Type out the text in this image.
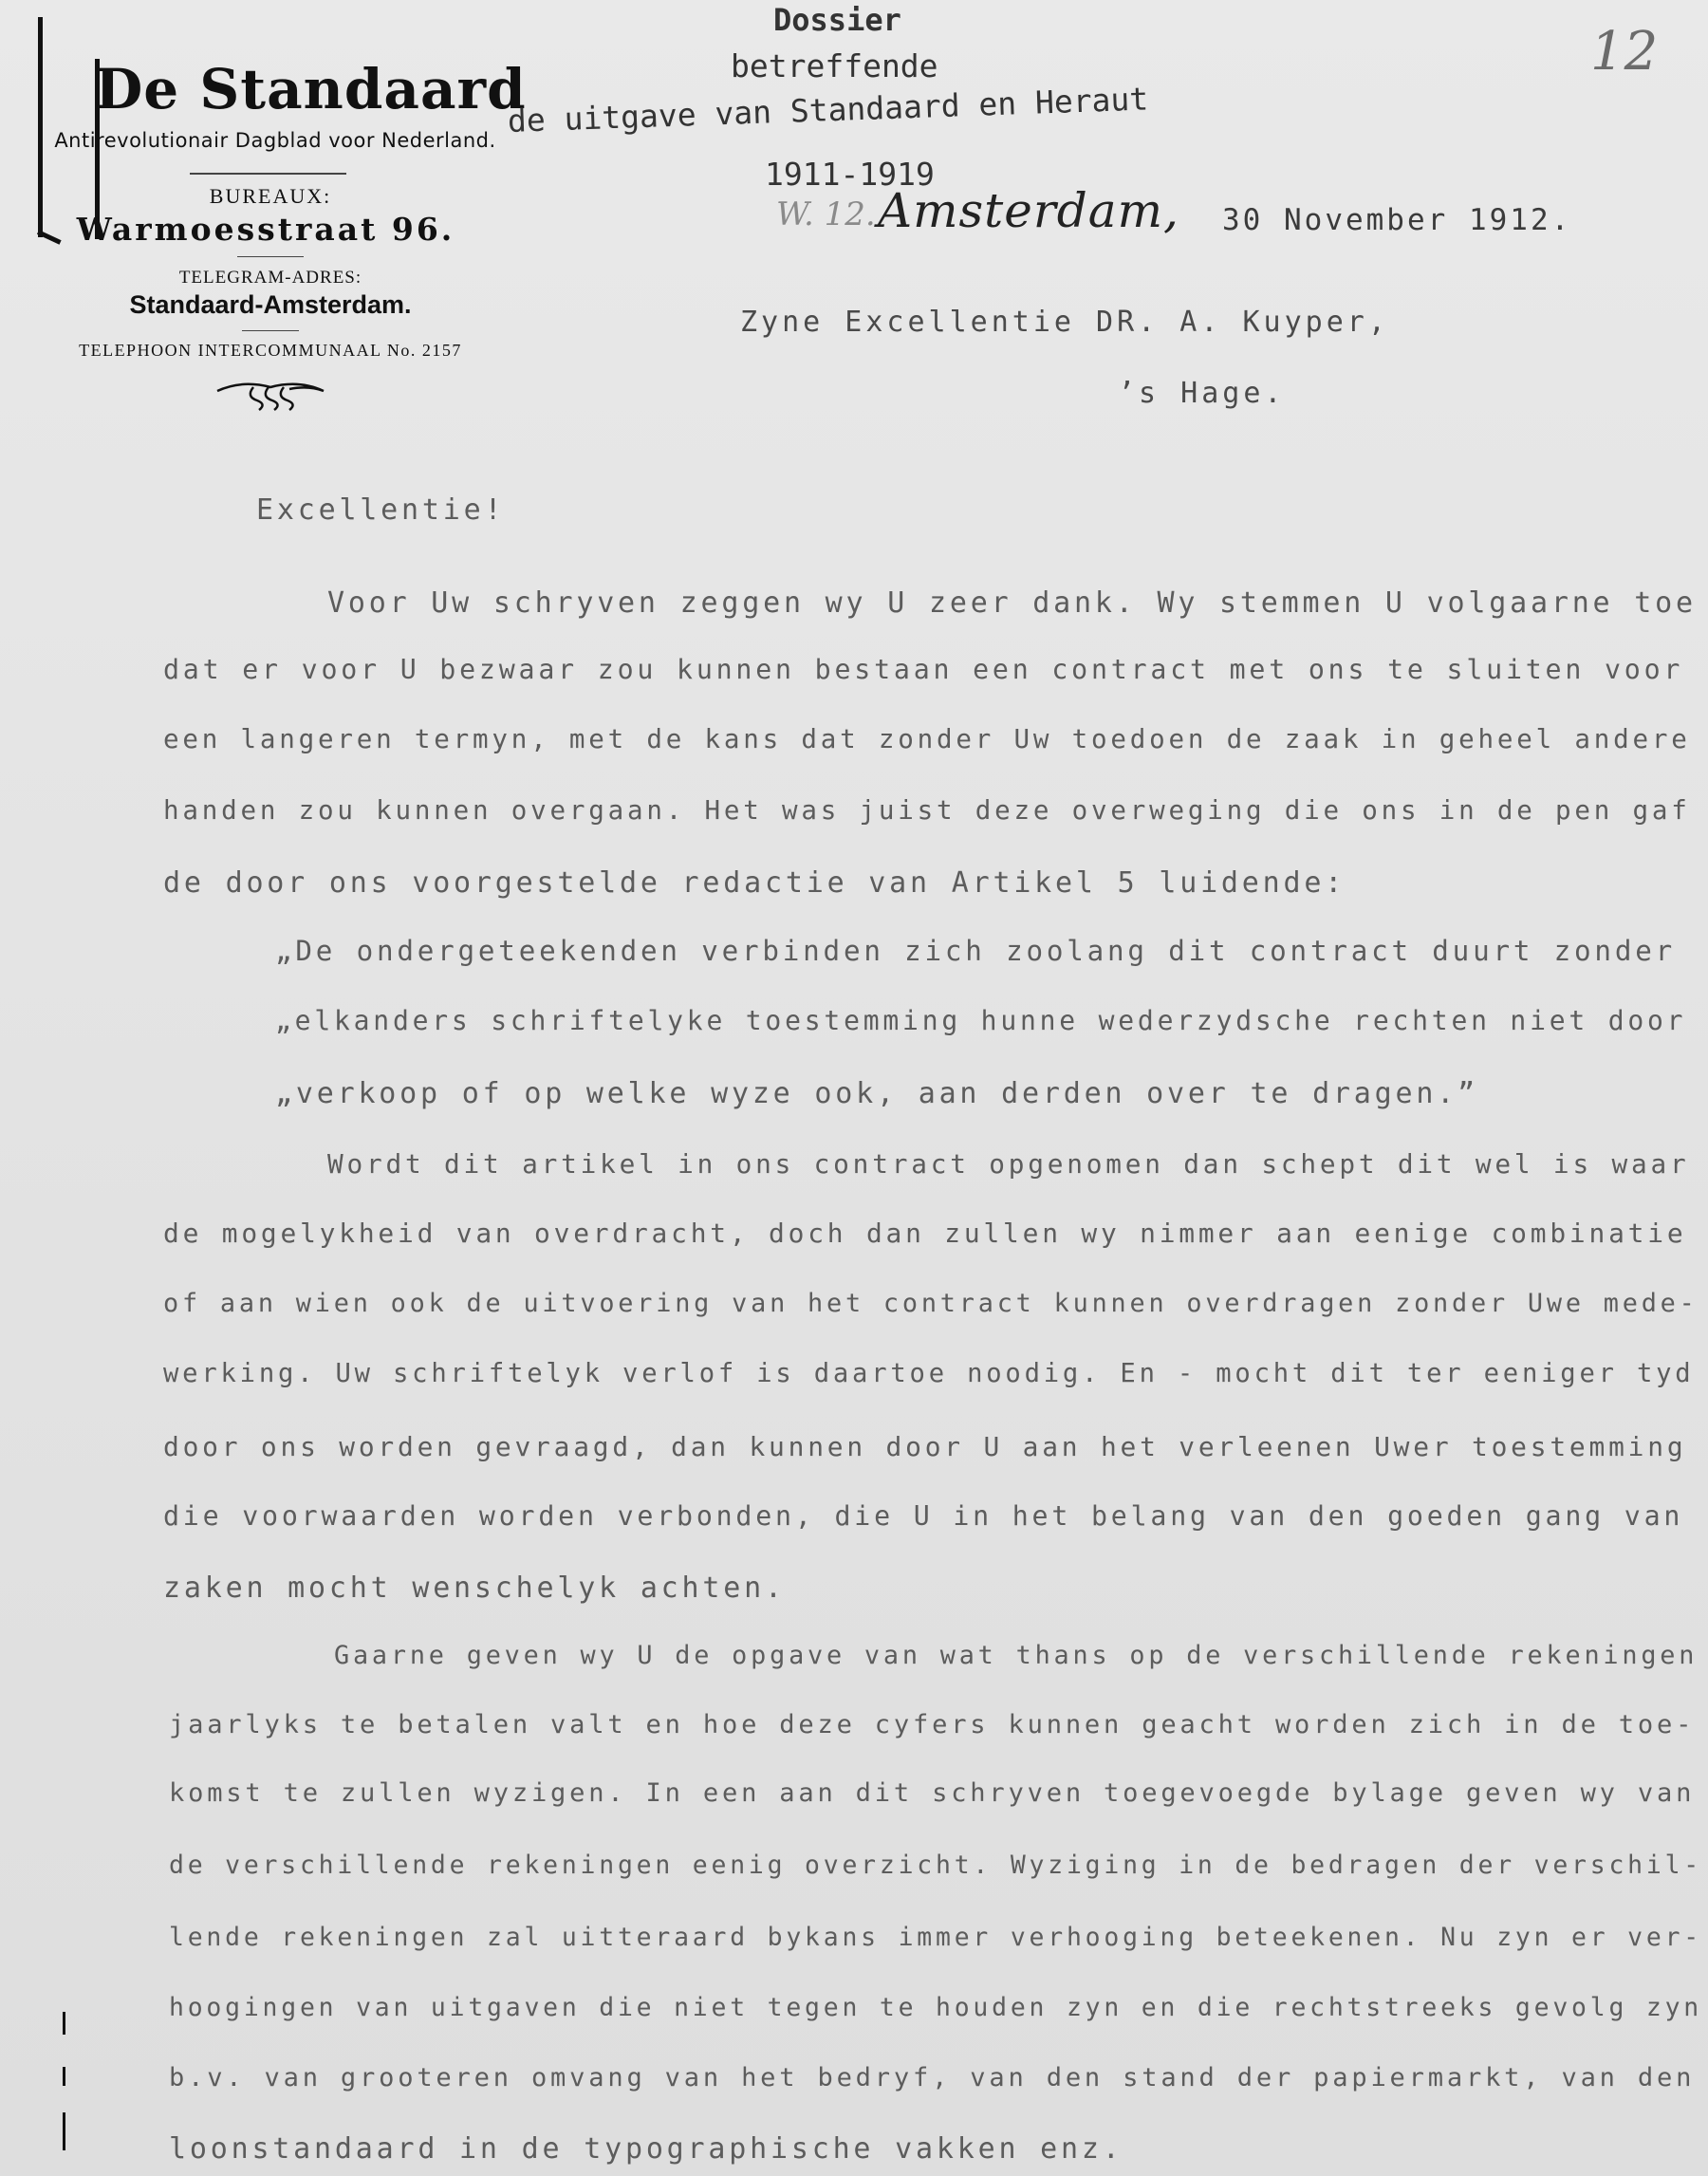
De Standaard
Antirevolutionair Dagblad voor Nederland.
BUREAUX:
Warmoesstraat 96.
TELEGRAM-ADRES:
Standaard-Amsterdam.
TELEPHOON INTERCOMMUNAAL No. 2157
Dossier
betreffende
de uitgave van Standaard en Heraut
1911-1919
12
W. 12. Amsterdam, 30 November 1912.
Zyne Excellentie DR. A. Kuyper,
’s Hage.
Excellentie!
Voor Uw schryven zeggen wy U zeer dank. Wy stemmen U volgaarne toe
dat er voor U bezwaar zou kunnen bestaan een contract met ons te sluiten voor
een langeren termyn, met de kans dat zonder Uw toedoen de zaak in geheel andere
handen zou kunnen overgaan. Het was juist deze overweging die ons in de pen gaf
de door ons voorgestelde redactie van Artikel 5 luidende:
„De ondergeteekenden verbinden zich zoolang dit contract duurt zonder
„elkanders schriftelyke toestemming hunne wederzydsche rechten niet door
„verkoop of op welke wyze ook, aan derden over te dragen.”
Wordt dit artikel in ons contract opgenomen dan schept dit wel is waar
de mogelykheid van overdracht, doch dan zullen wy nimmer aan eenige combinatie
of aan wien ook de uitvoering van het contract kunnen overdragen zonder Uwe mede-
werking. Uw schriftelyk verlof is daartoe noodig. En - mocht dit ter eeniger tyd
door ons worden gevraagd, dan kunnen door U aan het verleenen Uwer toestemming
die voorwaarden worden verbonden, die U in het belang van den goeden gang van
zaken mocht wenschelyk achten.
Gaarne geven wy U de opgave van wat thans op de verschillende rekeningen
jaarlyks te betalen valt en hoe deze cyfers kunnen geacht worden zich in de toe-
komst te zullen wyzigen. In een aan dit schryven toegevoegde bylage geven wy van
de verschillende rekeningen eenig overzicht. Wyziging in de bedragen der verschil-
lende rekeningen zal uitteraard bykans immer verhooging beteekenen. Nu zyn er ver-
hoogingen van uitgaven die niet tegen te houden zyn en die rechtstreeks gevolg zyn
b.v. van grooteren omvang van het bedryf, van den stand der papiermarkt, van den
loonstandaard in de typographische vakken enz.
